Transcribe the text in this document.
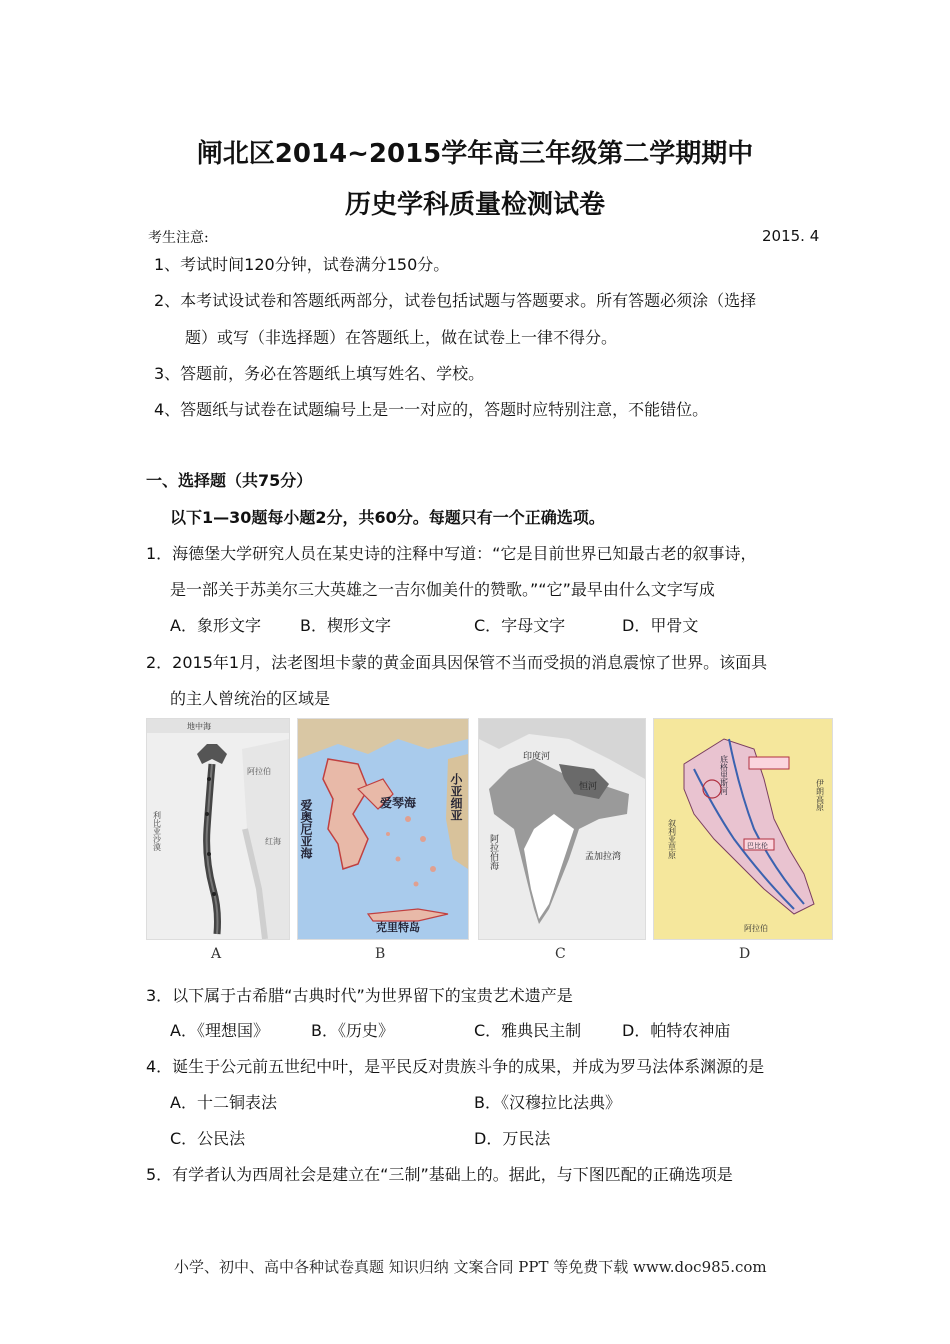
闸北区2014~2015学年高三年级第二学期期中
历史学科质量检测试卷
考生注意:	2015. 4
1、考试时间120分钟，试卷满分150分。
2、本考试设试卷和答题纸两部分，试卷包括试题与答题要求。所有答题必须涂（选择
题）或写（非选择题）在答题纸上，做在试卷上一律不得分。
3、答题前，务必在答题纸上填写姓名、学校。
4、答题纸与试卷在试题编号上是一一对应的，答题时应特别注意，不能错位。
一、选择题（共75分）
以下1—30题每小题2分，共60分。每题只有一个正确选项。
1．海德堡大学研究人员在某史诗的注释中写道：“它是目前世界已知最古老的叙事诗，
是一部关于苏美尔三大英雄之一吉尔伽美什的赞歌。”“它”最早由什么文字写成
A．象形文字 B．楔形文字	C．字母文字	D．甲骨文
2．2015年1月，法老图坦卡蒙的黄金面具因保管不当而受损的消息震惊了世界。该面具
的主人曾统治的区域是
地中海
阿拉伯
红海
利比亚沙漠
爱琴海
爱奥尼亚海
小亚细亚
克里特岛
印度河
恒河
阿拉伯海	孟加拉湾
底格里斯河
巴比伦
叙利亚草原
伊朗高原
阿拉伯
A	B	C	D
3．以下属于古希腊“古典时代”为世界留下的宝贵艺术遗产是
A．《理想国》	B．《历史》	C．雅典民主制	D．帕特农神庙
4．诞生于公元前五世纪中叶，是平民反对贵族斗争的成果，并成为罗马法体系渊源的是
A．十二铜表法	B．《汉穆拉比法典》
C．公民法	D．万民法
5．有学者认为西周社会是建立在“三制”基础上的。据此，与下图匹配的正确选项是
小学、初中、高中各种试卷真题 知识归纳 文案合同 PPT 等免费下载 www.doc985.com
